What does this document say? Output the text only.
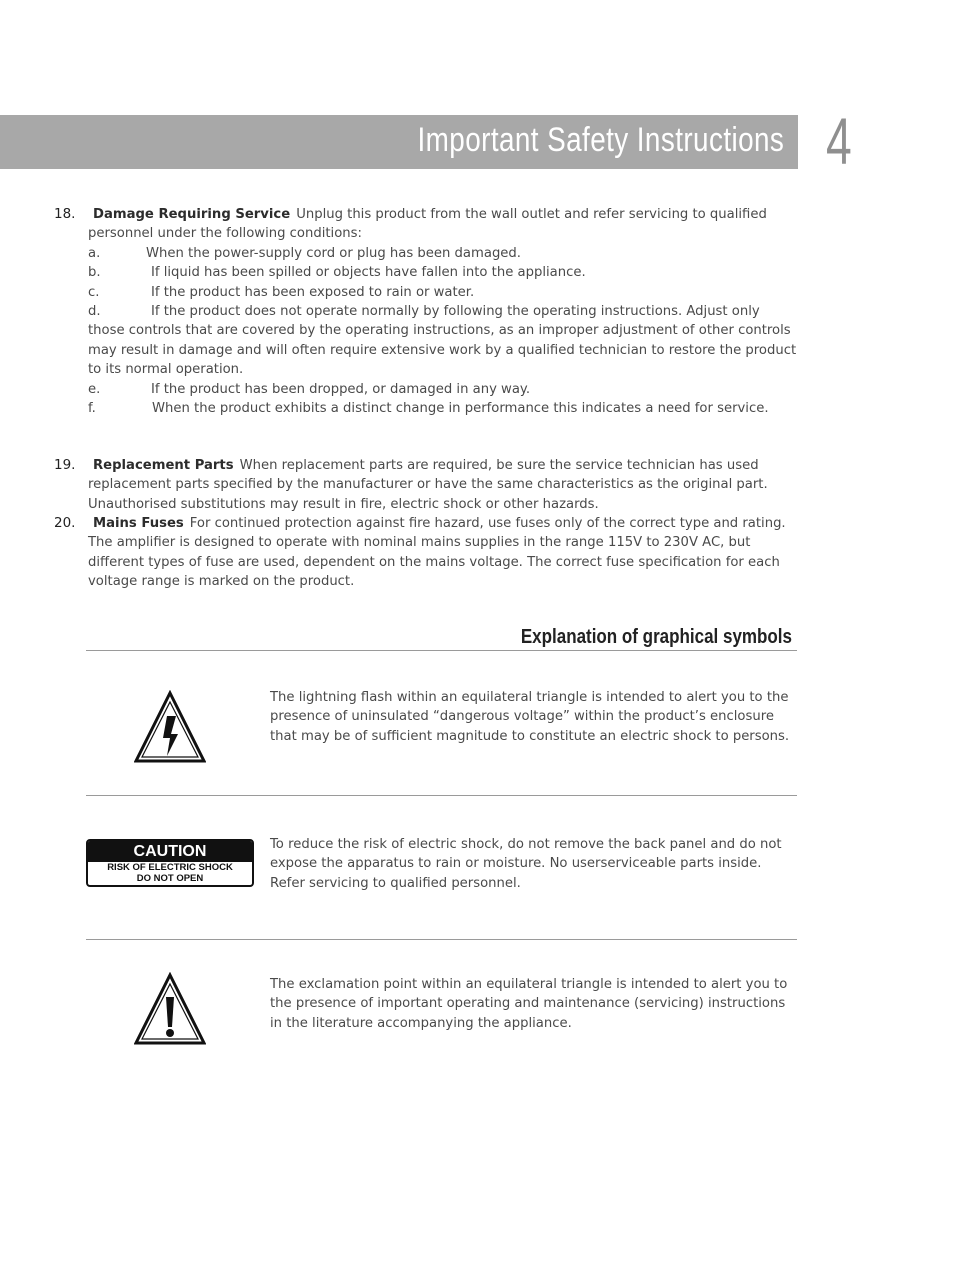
Important Safety Instructions 4
18. Damage Requiring Service Unplug this product from the wall outlet and refer servicing to qualified personnel under the following conditions:
a.	When the power-supply cord or plug has been damaged.
b.	If liquid has been spilled or objects have fallen into the appliance.
c.	If the product has been exposed to rain or water.
d.	If the product does not operate normally by following the operating instructions. Adjust only those controls that are covered by the operating instructions, as an improper adjustment of other controls may result in damage and will often require extensive work by a qualified technician to restore the product to its normal operation.
e.	If the product has been dropped, or damaged in any way.
f.	When the product exhibits a distinct change in performance this indicates a need for service.
19. Replacement Parts When replacement parts are required, be sure the service technician has used replacement parts specified by the manufacturer or have the same characteristics as the original part. Unauthorised substitutions may result in fire, electric shock or other hazards.
20. Mains Fuses For continued protection against fire hazard, use fuses only of the correct type and rating. The amplifier is designed to operate with nominal mains supplies in the range 115V to 230V AC, but different types of fuse are used, dependent on the mains voltage. The correct fuse specification for each voltage range is marked on the product.
Explanation of graphical symbols
The lightning flash within an equilateral triangle is intended to alert you to the presence of uninsulated “dangerous voltage” within the product’s enclosure that may be of sufficient magnitude to constitute an electric shock to persons.
CAUTION
RISK OF ELECTRIC SHOCK
DO NOT OPEN
To reduce the risk of electric shock, do not remove the back panel and do not expose the apparatus to rain or moisture. No userserviceable parts inside. Refer servicing to qualified personnel.
The exclamation point within an equilateral triangle is intended to alert you to the presence of important operating and maintenance (servicing) instructions in the literature accompanying the appliance.
